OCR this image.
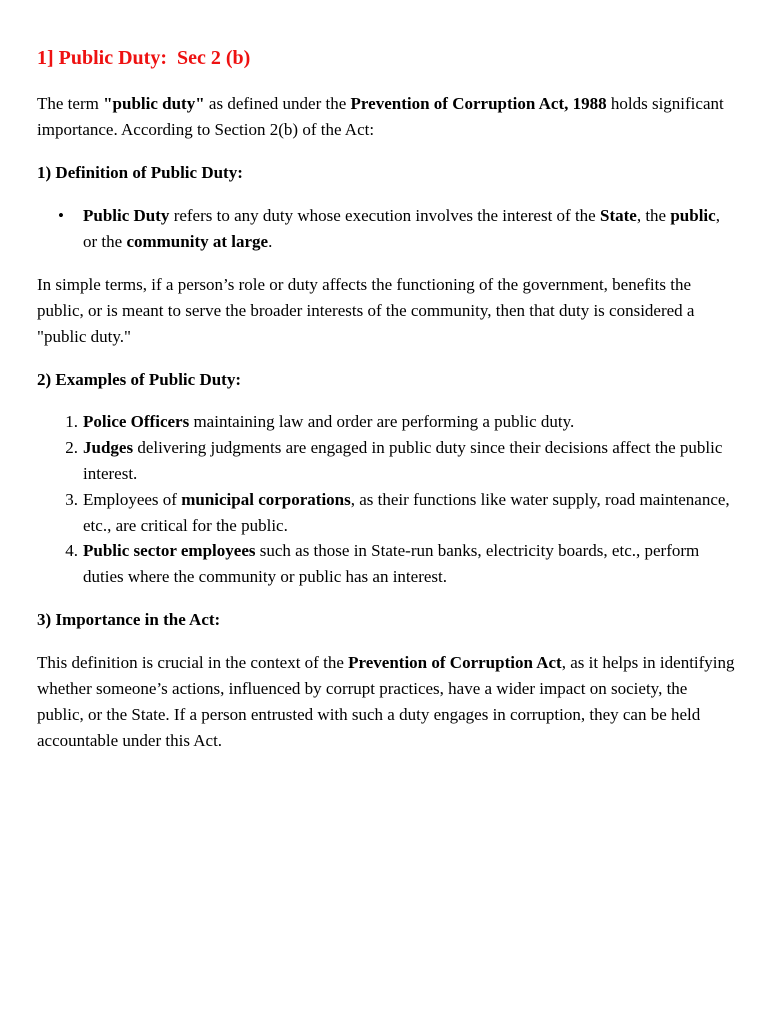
1] Public Duty:  Sec 2 (b)

The term "public duty" as defined under the Prevention of Corruption Act, 1988 holds significant importance. According to Section 2(b) of the Act:

1) Definition of Public Duty:

• Public Duty refers to any duty whose execution involves the interest of the State, the public, or the community at large.

In simple terms, if a person’s role or duty affects the functioning of the government, benefits the public, or is meant to serve the broader interests of the community, then that duty is considered a "public duty."

2) Examples of Public Duty:

1. Police Officers maintaining law and order are performing a public duty.

2. Judges delivering judgments are engaged in public duty since their decisions affect the public interest.

3. Employees of municipal corporations, as their functions like water supply, road maintenance, etc., are critical for the public.

4. Public sector employees such as those in State-run banks, electricity boards, etc., perform duties where the community or public has an interest.

3) Importance in the Act:

This definition is crucial in the context of the Prevention of Corruption Act, as it helps in identifying whether someone’s actions, influenced by corrupt practices, have a wider impact on society, the public, or the State. If a person entrusted with such a duty engages in corruption, they can be held accountable under this Act.
